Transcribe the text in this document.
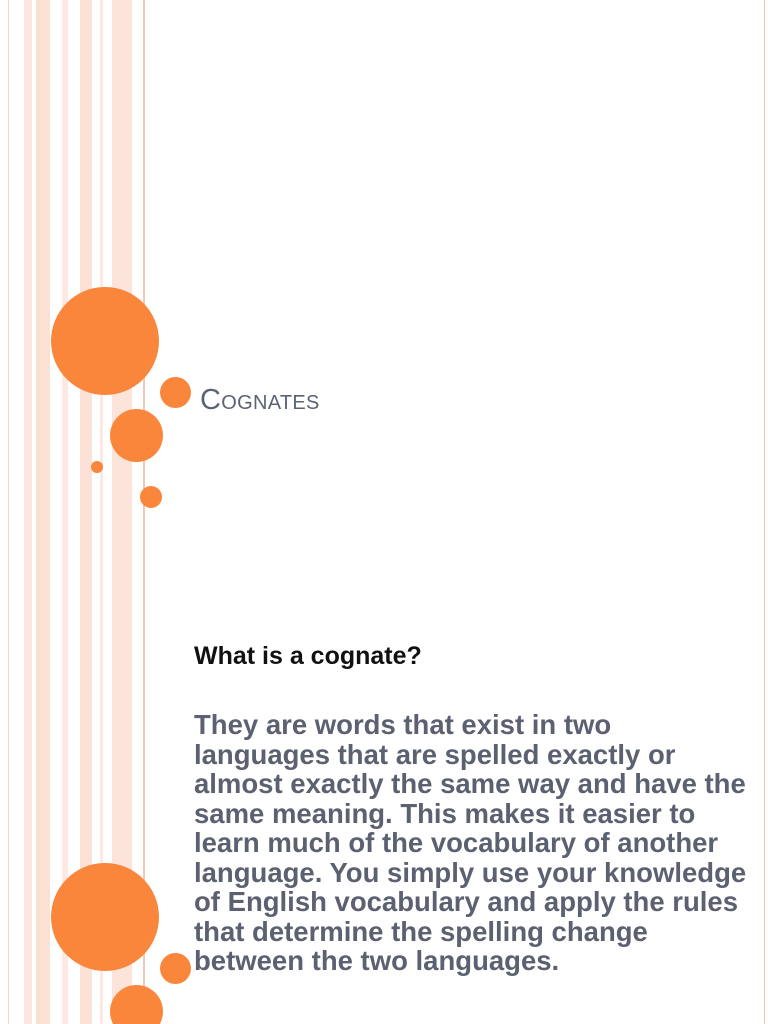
Cognates
What is a cognate?

They are words that exist in two languages that are spelled exactly or almost exactly the same way and have the same meaning. This makes it easier to learn much of the vocabulary of another language. You simply use your knowledge of English vocabulary and apply the rules that determine the spelling change between the two languages.
